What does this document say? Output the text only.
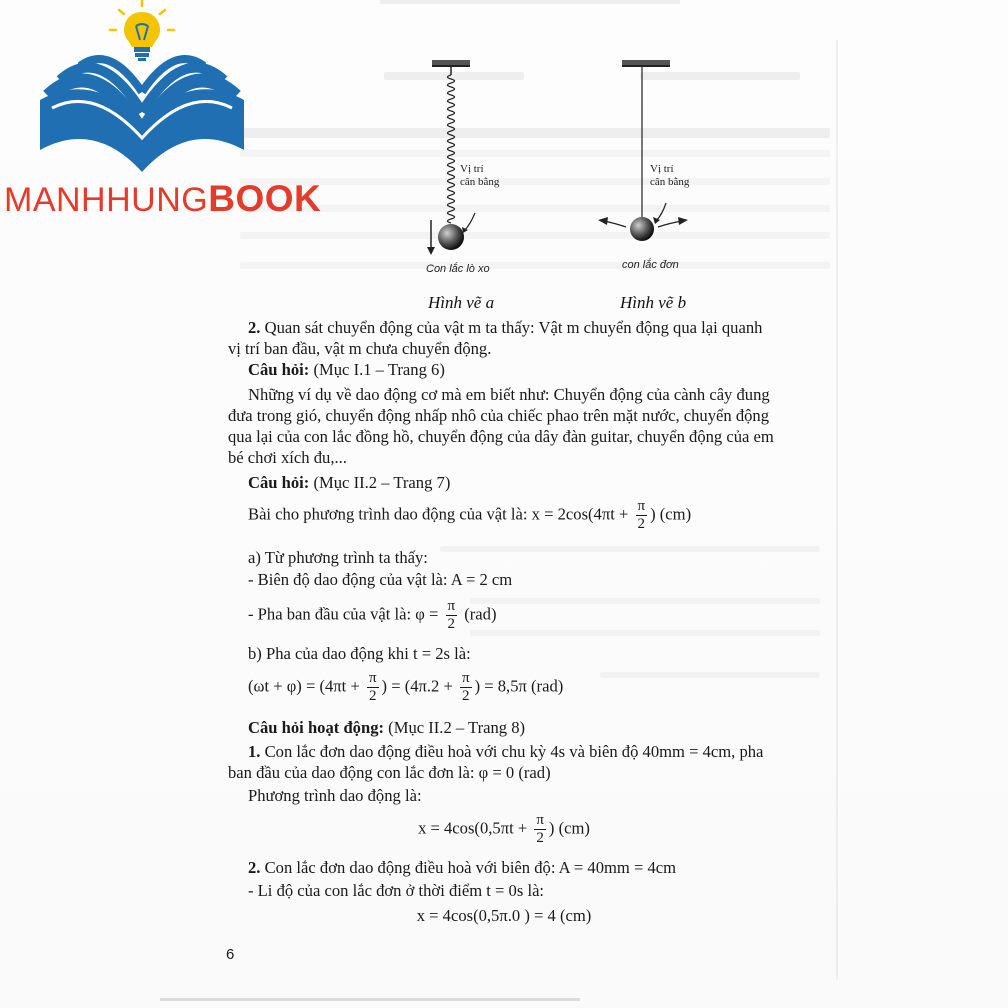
MANHHUNGBOOK
Vị trí
cân bằng
Con lắc lò xo
Vị trí
cân bằng
con lắc đơn
Hình vẽ a	Hình vẽ b
2. Quan sát chuyển động của vật m ta thấy: Vật m chuyển động qua lại quanh
vị trí ban đầu, vật m chưa chuyển động.
Câu hỏi: (Mục I.1 – Trang 6)
Những ví dụ về dao động cơ mà em biết như: Chuyển động của cành cây đung
đưa trong gió, chuyển động nhấp nhô của chiếc phao trên mặt nước, chuyển động
qua lại của con lắc đồng hồ, chuyển động của dây đàn guitar, chuyển động của em
bé chơi xích đu,...
Câu hỏi: (Mục II.2 – Trang 7)
Bài cho phương trình dao động của vật là: $x = 2\cos(4\pi t + \frac{\pi}{2}$ ) (cm)
a) Từ phương trình ta thấy:
- Biên độ dao động của vật là: A = 2 cm
- Pha ban đầu của vật là: $\varphi = \frac{\pi}{2} (rad)$
b) Pha của dao động khi t = 2s là:
$(\omega t + \varphi) = (4\pi t + \frac{\pi}{2}$ ) = ($4\pi.2 + \frac{\pi}{2}$ ) = 8,5π (rad)
Câu hỏi hoạt động: (Mục II.2 – Trang 8)
1. Con lắc đơn dao động điều hoà với chu kỳ 4s và biên độ 40mm = 4cm, pha
ban đầu của dao động con lắc đơn là: φ = 0 (rad)
Phương trình dao động là:
$x = 4\cos(0,5\pi t + \frac{\pi}{2}$ ) (cm)
2. Con lắc đơn dao động điều hoà với biên độ: A = 40mm = 4cm
- Li độ của con lắc đơn ở thời điểm t = 0s là:
x = 4cos(0,5π.0 ) = 4 (cm)
6
